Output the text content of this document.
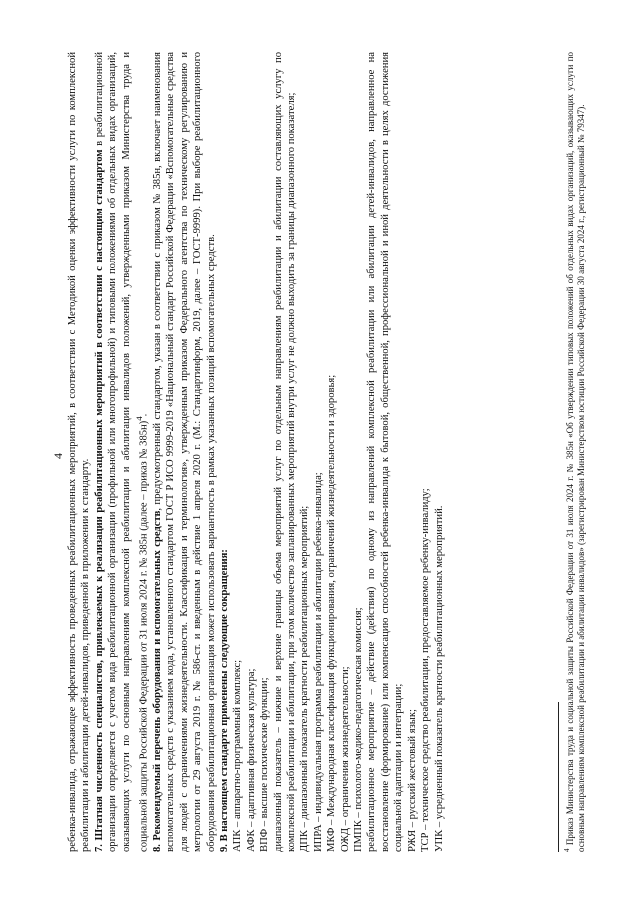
4 ребенка-инвалида, отражающее эффективность проведенных реабилитационных мероприятий, в соответствии с Методикой оценки эффективности услуги по комплексной реабилитации и абилитации детей-инвалидов, приведенной в приложении к стандарту. 7. Штатная численность специалистов, привлекаемых к реализации реабилитационных мероприятий в соответствии с настоящим стандартом в реабилитационной организации определяется с учетом вида реабилитационной организации (профильной или многопрофильной) и типовыми положениями об отдельных видах организаций, оказывающих услуги по основным направлениям комплексной реабилитации и абилитации инвалидов положений, утвержденными приказом Министерства труда и социальной защиты Российской Федерации от 31 июля 2024 г. № 385н (далее – приказ № 385н)$^4$.

8. Рекомендуемый перечень оборудования и вспомогательных средств, предусмотренный стандартом, указан в соответствии с приказом № 385н, включает наименования вспомогательных средств с указанием кода, установленного стандартом ГОСТ Р ИСО 9999-2019 «Национальный стандарт Российской Федерации «Вспомогательные средства для людей с ограничениями жизнедеятельности. Классификация и терминология», утвержденным приказом Федерального агентства по техническому регулированию и метрологии от 29 августа 2019 г. № 586-ст. и введенным в действие 1 апреля 2020 г. (М.: Стандартинформ, 2019, далее – ГОСТ-9999). При выборе реабилитационного оборудования реабилитационная организация может использовать вариантность в рамках указанных позиций вспомогательных средств. 9. В настоящем стандарте применены следующие сокращения:

АПК – аппаратно-программный комплекс; АФК – адаптивная физическая культура; ВПФ – высшие психические функции; диапазонный показатель – нижние и верхние границы объема мероприятий услуг по отдельным направлениям реабилитации и абилитации составляющих услугу по комплексной реабилитации и абилитации, при этом количество запланированных мероприятий внутри услуг не должно выходить за границы диапазонного показателя; ДПК – диапазонный показатель кратности реабилитационных мероприятий; ИПРА – индивидуальная программа реабилитации и абилитации ребенка-инвалида; МКФ – Международная классификация функционирования, ограничений жизнедеятельности и здоровья; ОЖД – ограничения жизнедеятельности; ПМПК – психолого-медико-педагогическая комиссия; реабилитационное мероприятие – действие (действия) по одному из направлений комплексной реабилитации или абилитации детей-инвалидов, направленное на восстановление (формирование) или компенсацию способностей ребенка-инвалида к бытовой, общественной, профессиональной и иной деятельности в целях достижения социальной адаптации и интеграции; РЖЯ – русский жестовый язык; ТСР – техническое средство реабилитации, предоставляемое ребенку-инвалиду; УПК – усредненный показатель кратности реабилитационных мероприятий.	$^4$ Приказ Министерства труда и социальной защиты Российской Федерации от 31 июля 2024 г. № 385н «Об утверждении типовых положений об отдельных видах организаций, оказывающих услуги по основным направлениям комплексной реабилитации и абилитации инвалидов» (зарегистрирован Министерством юстиции Российской Федерации 30 августа 2024 г., регистрационный № 79347).
